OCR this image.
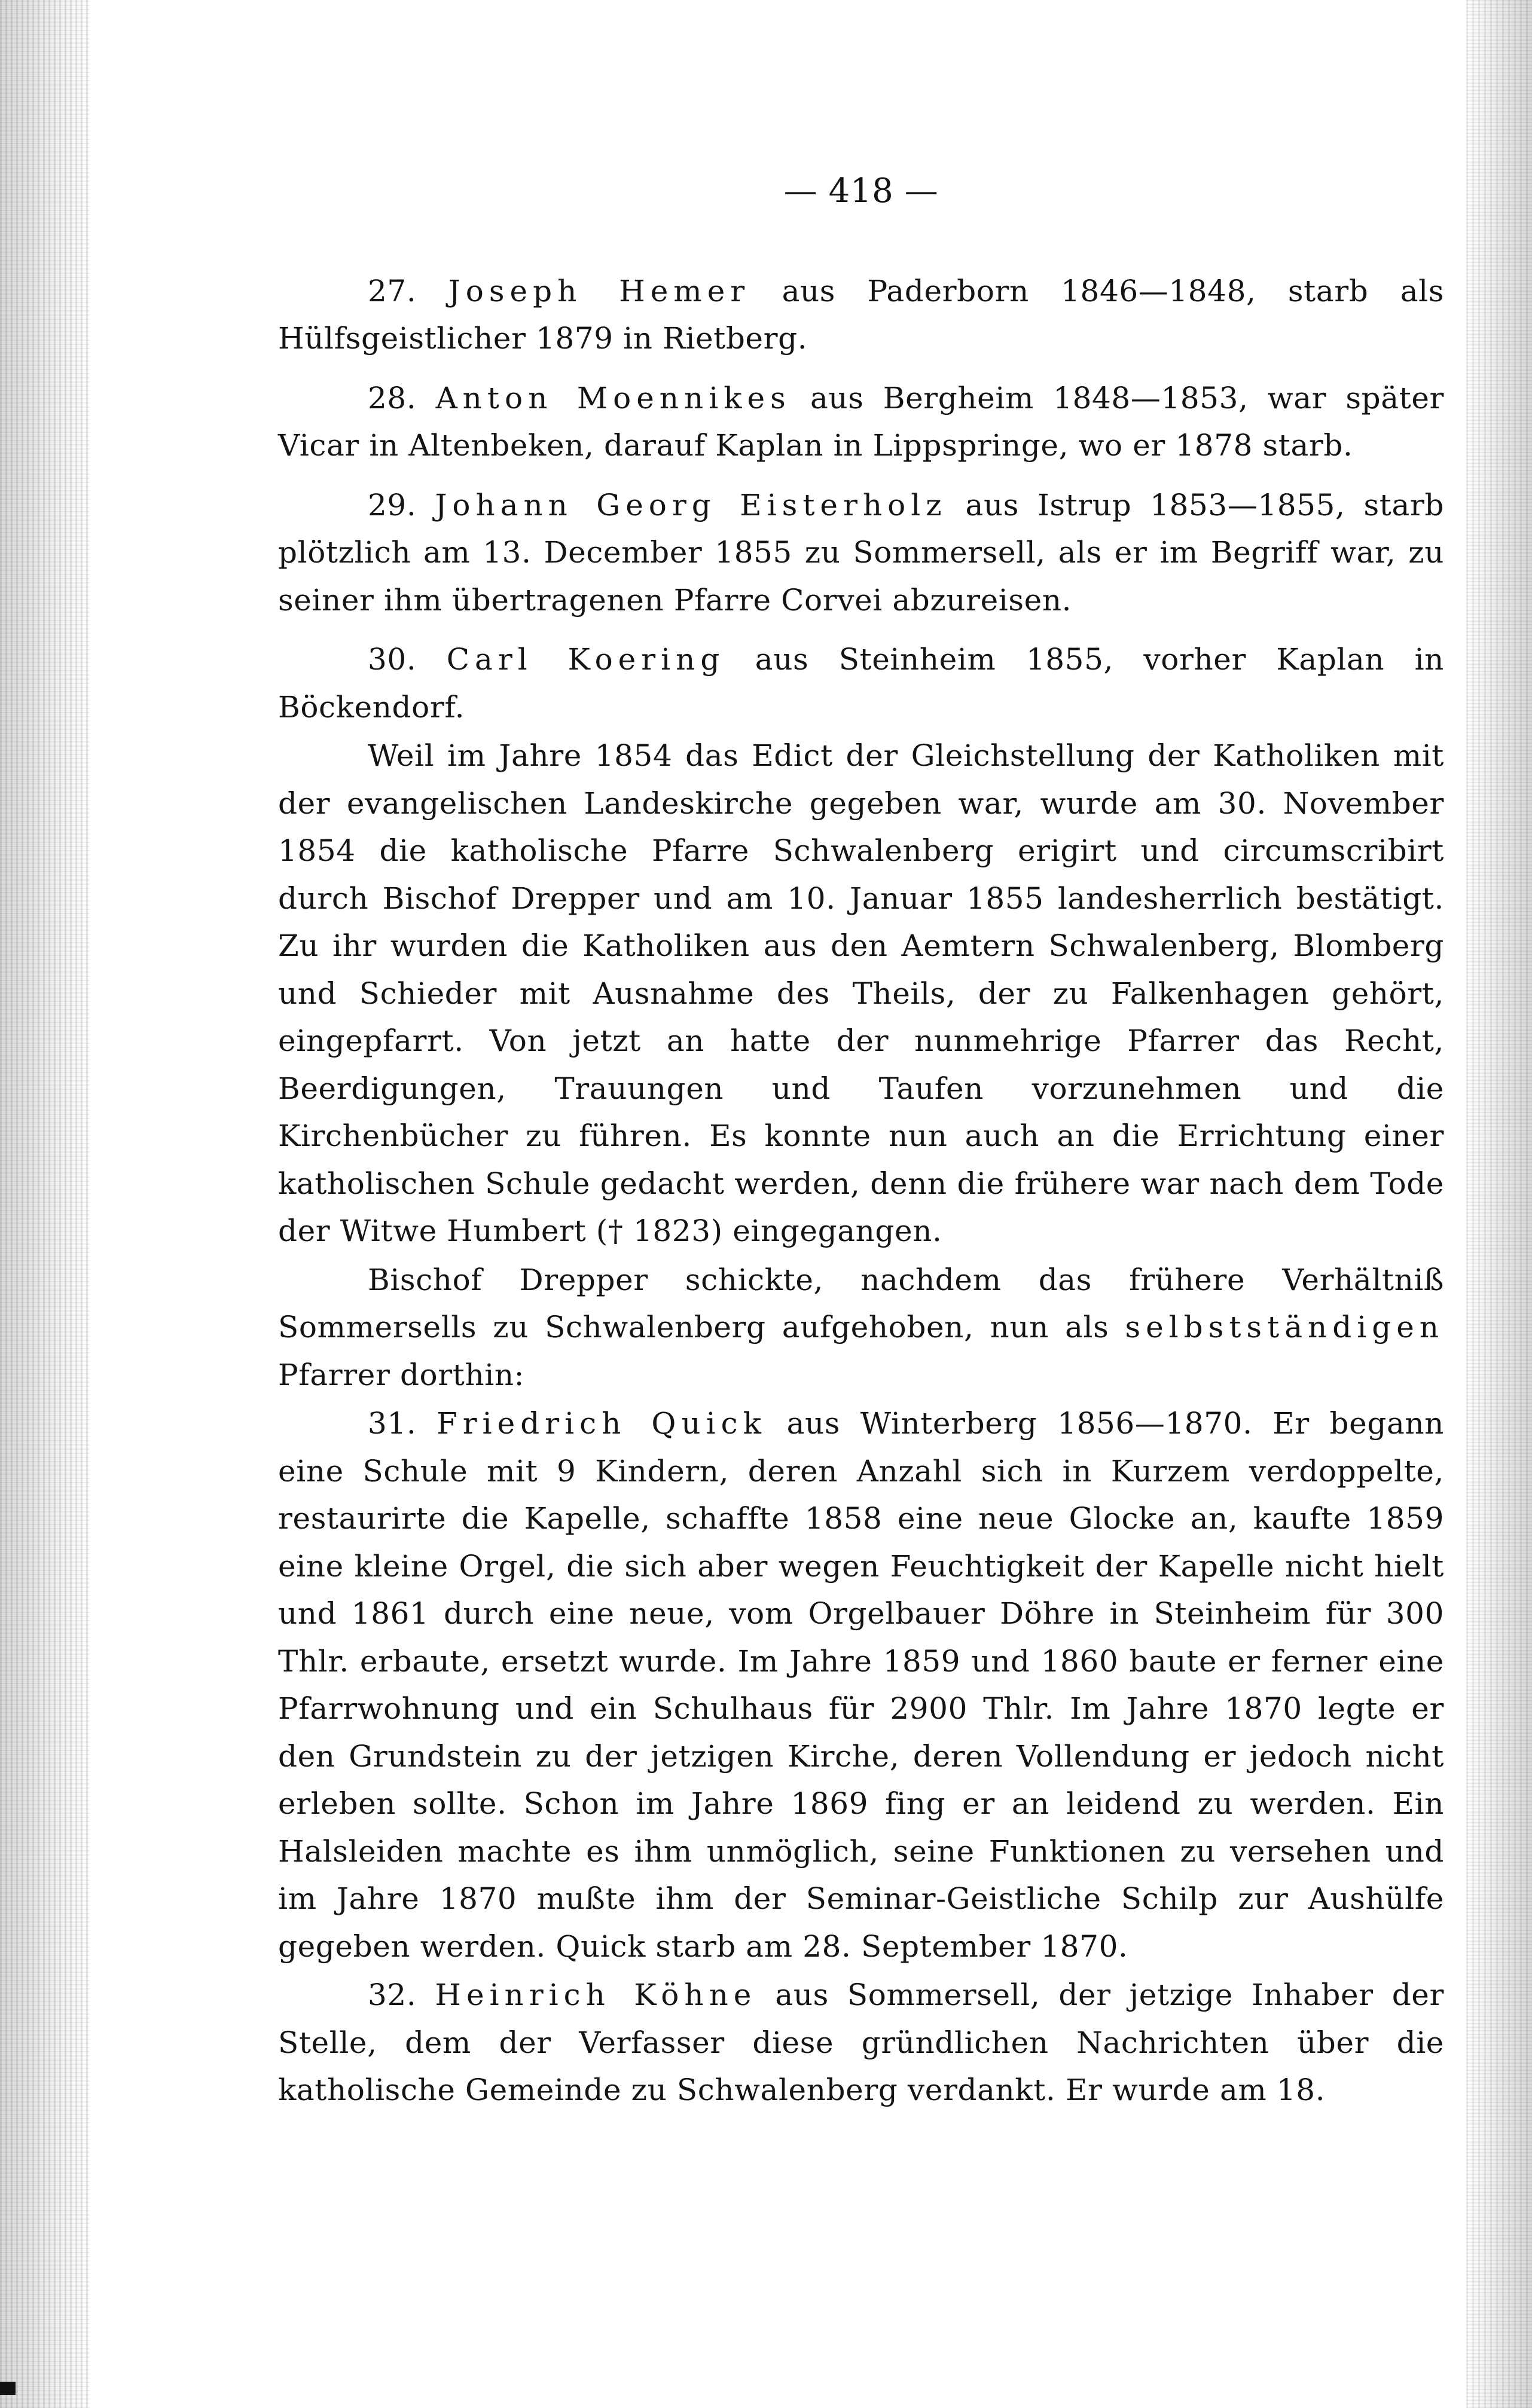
— 418 —

27. Joseph Hemer aus Paderborn 1846—1848, starb als Hülfsgeistlicher 1879 in Rietberg.

28. Anton Moennikes aus Bergheim 1848—1853, war später Vicar in Altenbeken, darauf Kaplan in Lippspringe, wo er 1878 starb.

29. Johann Georg Eisterholz aus Istrup 1853—1855, starb plötzlich am 13. December 1855 zu Sommersell, als er im Begriff war, zu seiner ihm übertragenen Pfarre Corvei abzureisen.

30. Carl Koering aus Steinheim 1855, vorher Kaplan in Böckendorf.

Weil im Jahre 1854 das Edict der Gleichstellung der Katholiken mit der evangelischen Landeskirche gegeben war, wurde am 30. November 1854 die katholische Pfarre Schwalenberg erigirt und circumscribirt durch Bischof Drepper und am 10. Januar 1855 landesherrlich bestätigt. Zu ihr wurden die Katholiken aus den Aemtern Schwalenberg, Blomberg und Schieder mit Ausnahme des Theils, der zu Falkenhagen gehört, eingepfarrt. Von jetzt an hatte der nunmehrige Pfarrer das Recht, Beerdigungen, Trauungen und Taufen vorzunehmen und die Kirchenbücher zu führen. Es konnte nun auch an die Errichtung einer katholischen Schule gedacht werden, denn die frühere war nach dem Tode der Witwe Humbert († 1823) eingegangen.

Bischof Drepper schickte, nachdem das frühere Verhältniß Sommersells zu Schwalenberg aufgehoben, nun als selbstständigen Pfarrer dorthin:

31. Friedrich Quick aus Winterberg 1856—1870. Er begann eine Schule mit 9 Kindern, deren Anzahl sich in Kurzem verdoppelte, restaurirte die Kapelle, schaffte 1858 eine neue Glocke an, kaufte 1859 eine kleine Orgel, die sich aber wegen Feuchtigkeit der Kapelle nicht hielt und 1861 durch eine neue, vom Orgelbauer Döhre in Steinheim für 300 Thlr. erbaute, ersetzt wurde. Im Jahre 1859 und 1860 baute er ferner eine Pfarrwohnung und ein Schulhaus für 2900 Thlr. Im Jahre 1870 legte er den Grundstein zu der jetzigen Kirche, deren Vollendung er jedoch nicht erleben sollte. Schon im Jahre 1869 fing er an leidend zu werden. Ein Halsleiden machte es ihm unmöglich, seine Funktionen zu versehen und im Jahre 1870 mußte ihm der Seminar-Geistliche Schilp zur Aushülfe gegeben werden. Quick starb am 28. September 1870.

32. Heinrich Köhne aus Sommersell, der jetzige Inhaber der Stelle, dem der Verfasser diese gründlichen Nachrichten über die katholische Gemeinde zu Schwalenberg verdankt. Er wurde am 18.
